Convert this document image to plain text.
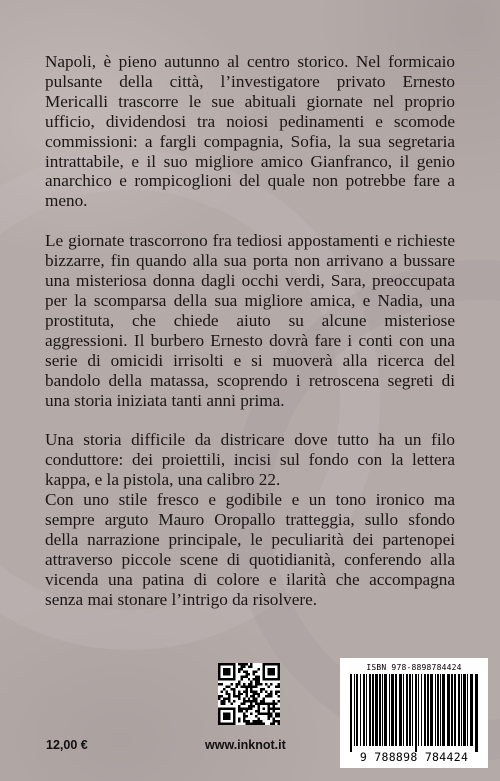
Napoli, è pieno autunno al centro storico. Nel formicaio pulsante della città, l’investigatore privato Ernesto Mericalli trascorre le sue abituali giornate nel proprio ufficio, dividendosi tra noiosi pedinamenti e scomode commissioni: a fargli compagnia, Sofia, la sua segretaria intrattabile, e il suo migliore amico Gianfranco, il genio anarchico e rompicoglioni del quale non potrebbe fare a meno.

Le giornate trascorrono fra tediosi appostamenti e richieste bizzarre, fin quando alla sua porta non arrivano a bussare una misteriosa donna dagli occhi verdi, Sara, preoccupata per la scomparsa della sua migliore amica, e Nadia, una prostituta, che chiede aiuto su alcune misteriose aggressioni. Il burbero Ernesto dovrà fare i conti con una serie di omicidi irrisolti e si muoverà alla ricerca del bandolo della matassa, scoprendo i retroscena segreti di una storia iniziata tanti anni prima.

Una storia difficile da districare dove tutto ha un filo conduttore: dei proiettili, incisi sul fondo con la lettera kappa, e la pistola, una calibro 22.

Con uno stile fresco e godibile e un tono ironico ma sempre arguto Mauro Oropallo tratteggia, sullo sfondo della narrazione principale, le peculiarità dei partenopei attraverso piccole scene di quotidianità, conferendo alla vicenda una patina di colore e ilarità che accompagna senza mai stonare l’intrigo da risolvere.

12,00 €	www.inknot.it
ISBN 978-8898784424
9 788898 784424
